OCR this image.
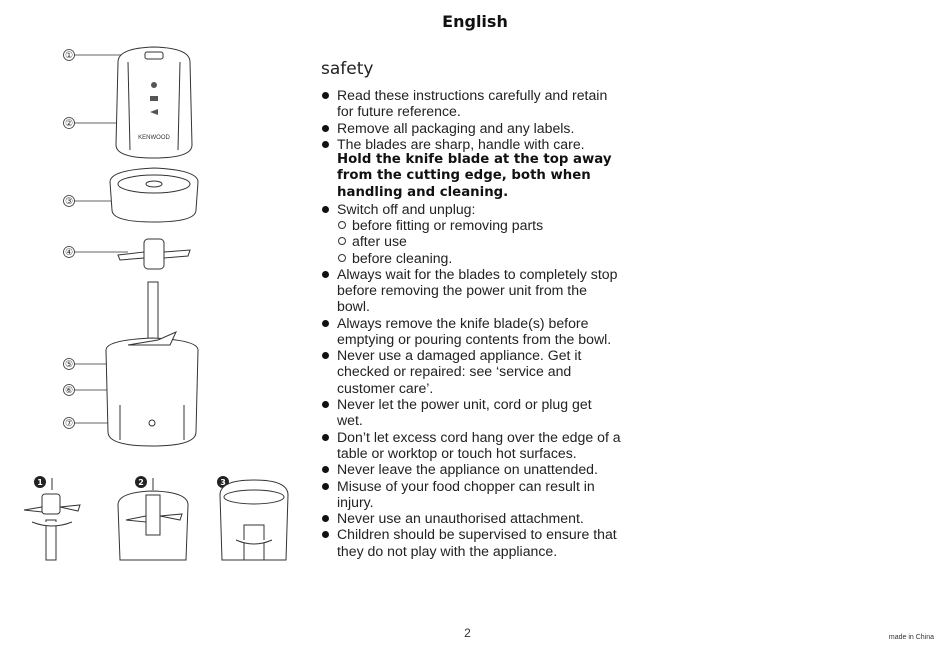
English
①
②
③
④
⑤
⑥
⑦
KENWOOD
1	2	3
safety
Read these instructions carefully and retain for future reference.
Remove all packaging and any labels.
The blades are sharp, handle with care.
Hold the knife blade at the top away from the cutting edge, both when handling and cleaning.
Switch off and unplug:
before fitting or removing parts
after use
before cleaning.
Always wait for the blades to completely stop before removing the power unit from the bowl.
Always remove the knife blade(s) before emptying or pouring contents from the bowl.
Never use a damaged appliance. Get it checked or repaired: see ‘service and customer care’.
Never let the power unit, cord or plug get wet.
Don’t let excess cord hang over the edge of a table or worktop or touch hot surfaces.
Never leave the appliance on unattended.
Misuse of your food chopper can result in injury.
Never use an unauthorised attachment.
Children should be supervised to ensure that they do not play with the appliance.
2	made in China
